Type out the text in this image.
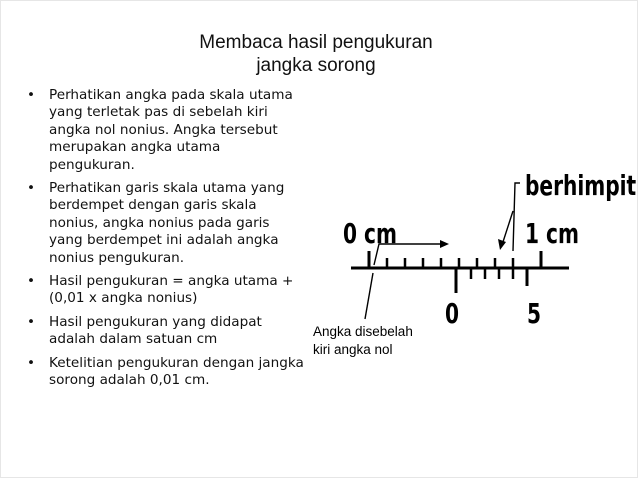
Membaca hasil pengukuran
jangka sorong
• Perhatikan angka pada skala utama yang terletak pas di sebelah kiri angka nol nonius. Angka tersebut merupakan angka utama pengukuran.
• Perhatikan garis skala utama yang berdempet dengan garis skala nonius, angka nonius pada garis yang berdempet ini adalah angka nonius pengukuran.
• Hasil pengukuran = angka utama + (0,01 x angka nonius)
• Hasil pengukuran yang didapat adalah dalam satuan cm
• Ketelitian pengukuran dengan jangka sorong adalah 0,01 cm.
0 cm	1 cm
berhimpit
0 5
Angka disebelah
kiri angka nol
